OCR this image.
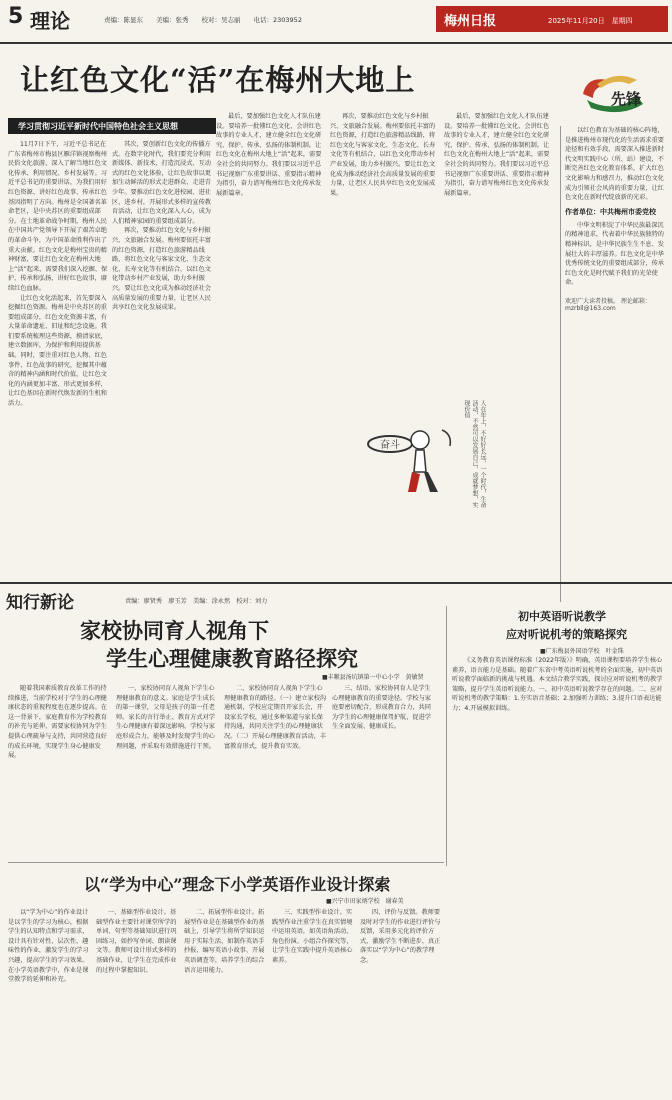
5 理论	责编：陈显东　　美编：张秀　　校对：吴志丽　　电话：2303952	梅州日报	2025年11月20日　星期四
让红色文化“活”在梅州大地上
先锋
学习贯彻习近平新时代中国特色社会主义思想

11月7日下午，习近平总书记在广东省梅州市梅县区雁洋镇视察梅州民俗文化旅游，深入了解当地红色文化传承、利用情况、乡村发展等。习近平总书记的重要讲话，为我们用好红色资源、讲好红色故事、传承红色基因指明了方向。梅州是全国著名革命老区，是中央苏区的重要组成部分。在土地革命战争时期，梅州人民在中国共产党领导下开展了艰苦卓绝的革命斗争，为中国革命胜利作出了重大贡献。红色文化是梅州宝贵的精神财富，要让红色文化在梅州大地上“活”起来，需要我们深入挖掘、保护、传承和弘扬，讲好红色故事，赓续红色血脉。

让红色文化活起来，首先要深入挖掘红色资源。梅州是中央苏区的重要组成部分，红色文化资源丰富，有大量革命遗址、旧址和纪念设施。我们要系统梳理这些资源，摸清家底，建立数据库，为保护和利用提供基础。同时，要注重对红色人物、红色事件、红色故事的研究，挖掘其中蕴含的精神内涵和时代价值，让红色文化的内涵更加丰富、形式更加多样，让红色基因在新时代焕发新的生机和活力。

其次，要创新红色文化的传播方式。在数字化时代，我们要充分利用新媒体、新技术，打造沉浸式、互动式的红色文化体验，让红色故事以更加生动鲜活的形式走进群众、走进青少年。要推动红色文化进校园、进社区、进乡村，开展形式多样的宣传教育活动，让红色文化深入人心，成为人们精神家园的重要组成部分。

再次，要推动红色文化与乡村振兴、文旅融合发展。梅州要依托丰富的红色资源，打造红色旅游精品线路，将红色文化与客家文化、生态文化、长寿文化等有机结合，以红色文化带动乡村产业发展，助力乡村振兴。要让红色文化成为推动经济社会高质量发展的重要力量，让老区人民共享红色文化发展成果。

最后，要加强红色文化人才队伍建设。要培养一批懂红色文化、会讲红色故事的专业人才，建立健全红色文化研究、保护、传承、弘扬的体制机制。让红色文化在梅州大地上“活”起来，需要全社会的共同努力。我们要以习近平总书记视察广东重要讲话、重要指示精神为指引，奋力谱写梅州红色文化传承发展新篇章。

再次，要推动红色文化与乡村振兴、文旅融合发展。梅州要依托丰富的红色资源，打造红色旅游精品线路，将红色文化与客家文化、生态文化、长寿文化等有机结合，以红色文化带动乡村产业发展，助力乡村振兴。要让红色文化成为推动经济社会高质量发展的重要力量，让老区人民共享红色文化发展成果。

最后，要加强红色文化人才队伍建设。要培养一批懂红色文化、会讲红色故事的专业人才，建立健全红色文化研究、保护、传承、弘扬的体制机制。让红色文化在梅州大地上“活”起来，需要全社会的共同努力。我们要以习近平总书记视察广东重要讲话、重要指示精神为指引，奋力谱写梅州红色文化传承发展新篇章。

奋斗	人在年上，不好好长远，一个时代，生命活动，不然可以发展自己，成就梦想，实现价值

以红色教育为基础的核心阵地，是推进梅州市现代化的生活需求重要途径和有效手段，需要深入推进新时代文明实践中心（所、站）建设，不断完善红色文化教育体系，扩大红色文化影响力和感召力，推动红色文化成为引领社会风尚的重要力量，让红色文化在新时代绽放新的光彩。

作者单位：中共梅州市委党校

中华文明积淀了中华民族最深沉的精神追求，代表着中华民族独特的精神标识，是中华民族生生不息、发展壮大的丰厚滋养。红色文化是中华优秀传统文化的重要组成部分，传承红色文化是时代赋予我们的光荣使命。

欢迎广大读者投稿。 理论邮箱：mzrbll@163.com
知行新论	责编：廖贤秀　廖玉芳　美编：涂永然　校对：刘力
家校协同育人视角下
学生心理健康教育路径探究
■丰顺县汤坑镇第一中心小学　黄敏贤

随着我国素质教育改革工作的持续推进，当前学校对于学生的心理健康状态的重视程度也在逐步提高。在这一背景下，家庭教育作为学校教育的补充与延伸，需要家校协同为学生提供心理疏导与支持，共同营造良好的成长环境，实现学生身心健康发展。

一、家校协同育人视角下学生心理健康教育的意义。家庭是学生成长的第一课堂，父母是孩子的第一任老师。家长的言行举止、教育方式对学生心理健康有着深远影响。学校与家庭形成合力，能够及时发现学生的心理问题，并采取有效措施进行干预。

二、家校协同育人视角下学生心理健康教育的路径。（一）建立家校沟通机制，学校应定期召开家长会，开设家长学校，通过多种渠道与家长保持沟通，共同关注学生的心理健康状况。（二）开展心理健康教育活动，丰富教育形式，提升教育实效。

三、结语。家校协同育人是学生心理健康教育的重要途径。学校与家庭要密切配合，形成教育合力，共同为学生的心理健康保驾护航，促进学生全面发展、健康成长。

初中英语听说教学
应对听说机考的策略探究
■广东梅县外国语学校　叶金珠

《义务教育英语课程标准（2022年版）》明确，英语课程要培养学生核心素养，语言能力是基础。随着广东省中考英语听说机考的全面实施，初中英语听说教学面临新的挑战与机遇。本文结合教学实践，探讨应对听说机考的教学策略，提升学生英语听说能力。一、初中英语听说教学存在的问题。二、应对听说机考的教学策略：1.夯实语音基础；2.加强听力训练；3.提升口语表达能力；4.开展模拟训练。

以“学为中心”理念下小学英语作业设计探索
■兴宁市田家炳学校　谢春美

以“学为中心”的作业设计是以学生的学习为核心，根据学生的认知特点和学习需求，设计具有针对性、层次性、趣味性的作业，激发学生的学习兴趣，提高学生的学习效果。在小学英语教学中，作业是课堂教学的延伸和补充。

一、基础型作业设计。基础型作业主要针对课堂所学的单词、句型等基础知识进行巩固练习，如抄写单词、朗读课文等。教师可设计形式多样的基础作业，让学生在完成作业的过程中掌握知识。

二、拓展型作业设计。拓展型作业是在基础型作业的基础上，引导学生将所学知识运用于实际生活，如制作英语手抄报、编写英语小故事、开展英语调查等，培养学生的综合语言运用能力。

三、实践型作业设计。实践型作业注重学生在真实情境中运用英语，如英语角活动、角色扮演、小组合作探究等，让学生在实践中提升英语核心素养。

四、评价与反馈。教师要及时对学生的作业进行评价与反馈，采用多元化的评价方式，激励学生不断进步，真正落实以“学为中心”的教学理念。
